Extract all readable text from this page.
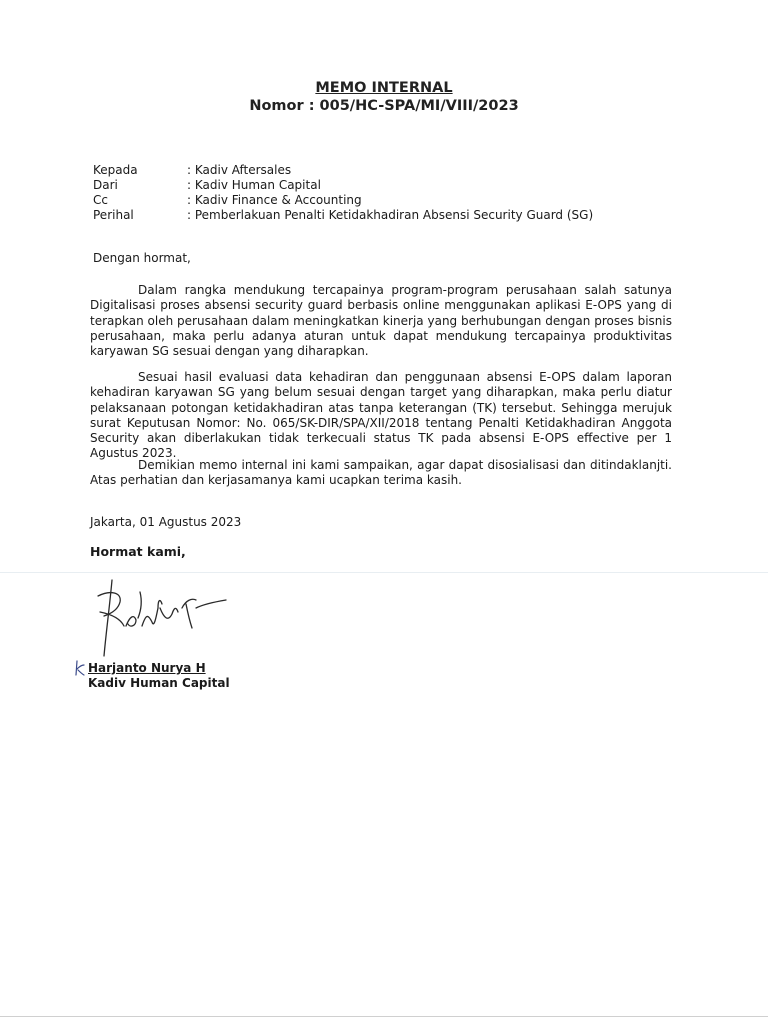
MEMO INTERNAL
Nomor : 005/HC-SPA/MI/VIII/2023
Kepada	: Kadiv Aftersales
Dari	: Kadiv Human Capital
Cc	: Kadiv Finance & Accounting
Perihal	: Pemberlakuan Penalti Ketidakhadiran Absensi Security Guard (SG)
Dengan hormat,
Dalam rangka mendukung tercapainya program-program perusahaan salah satunya Digitalisasi proses absensi security guard berbasis online menggunakan aplikasi E-OPS yang di terapkan oleh perusahaan dalam meningkatkan kinerja yang berhubungan dengan proses bisnis perusahaan, maka perlu adanya aturan untuk dapat mendukung tercapainya produktivitas karyawan SG sesuai dengan yang diharapkan.
Sesuai hasil evaluasi data kehadiran dan penggunaan absensi E-OPS dalam laporan kehadiran karyawan SG yang belum sesuai dengan target yang diharapkan, maka perlu diatur pelaksanaan potongan ketidakhadiran atas tanpa keterangan (TK) tersebut. Sehingga merujuk surat Keputusan Nomor: No. 065/SK-DIR/SPA/XII/2018 tentang Penalti Ketidakhadiran Anggota Security akan diberlakukan tidak terkecuali status TK pada absensi E-OPS effective per 1 Agustus 2023.
Demikian memo internal ini kami sampaikan, agar dapat disosialisasi dan ditindaklanjti. Atas perhatian dan kerjasamanya kami ucapkan terima kasih.
Jakarta, 01 Agustus 2023
Hormat kami,
Harjanto Nurya H
Kadiv Human Capital
